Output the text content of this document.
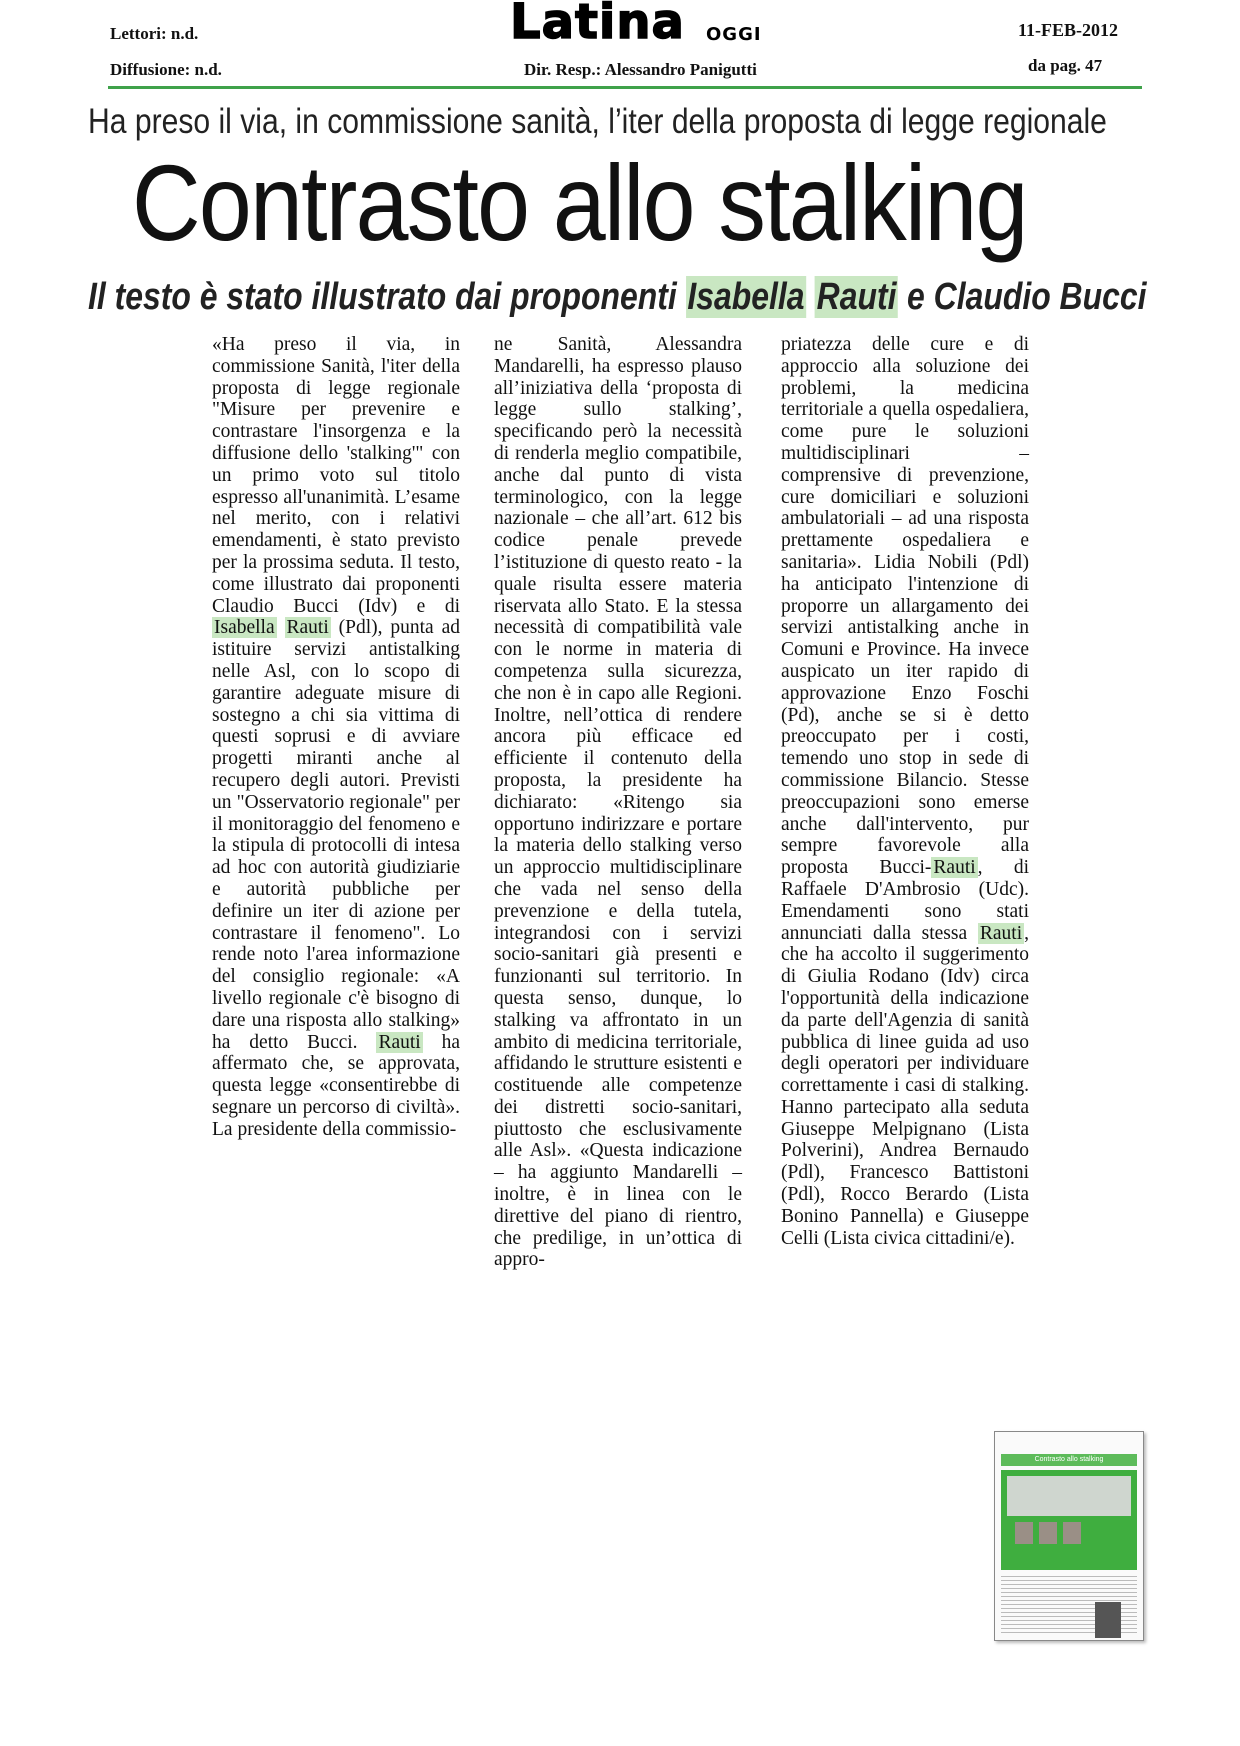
Lettori: n.d.
Diffusione: n.d.
Latina OGGI	11-FEB-2012
Dir. Resp.: Alessandro Panigutti	da pag. 47
Ha preso il via, in commissione sanità, l’iter della proposta di legge regionale
Contrasto allo stalking
Il testo è stato illustrato dai proponenti Isabella Rauti e Claudio Bucci
«Ha preso il via, in commissione Sanità, l'iter della proposta di legge regionale "Misure per prevenire e contrastare l'insorgenza e la diffusione dello 'stalking'" con un primo voto sul titolo espresso all'unanimità. L’esame nel merito, con i relativi emendamenti, è stato previsto per la prossima seduta. Il testo, come illustrato dai proponenti Claudio Bucci (Idv) e di Isabella Rauti (Pdl), punta ad istituire servizi antistalking nelle Asl, con lo scopo di garantire adeguate misure di sostegno a chi sia vittima di questi soprusi e di avviare progetti miranti anche al recupero degli autori. Previsti un "Osservatorio regionale" per il monitoraggio del fenomeno e la stipula di protocolli di intesa ad hoc con autorità giudiziarie e autorità pubbliche per definire un iter di azione per contrastare il fenomeno". Lo rende noto l'area informazione del consiglio regionale: «A livello regionale c'è bisogno di dare una risposta allo stalking» ha detto Bucci. Rauti ha affermato che, se approvata, questa legge «consentirebbe di segnare un percorso di civiltà». La presidente della commissio-
ne Sanità, Alessandra Mandarelli, ha espresso plauso all’iniziativa della ‘proposta di legge sullo stalking’, specificando però la necessità di renderla meglio compatibile, anche dal punto di vista terminologico, con la legge nazionale – che all’art. 612 bis codice penale prevede l’istituzione di questo reato - la quale risulta essere materia riservata allo Stato. E la stessa necessità di compatibilità vale con le norme in materia di competenza sulla sicurezza, che non è in capo alle Regioni. Inoltre, nell’ottica di rendere ancora più efficace ed efficiente il contenuto della proposta, la presidente ha dichiarato: «Ritengo sia opportuno indirizzare e portare la materia dello stalking verso un approccio multidisciplinare che vada nel senso della prevenzione e della tutela, integrandosi con i servizi socio-sanitari già presenti e funzionanti sul territorio. In questa senso, dunque, lo stalking va affrontato in un ambito di medicina territoriale, affidando le strutture esistenti e costituende alle competenze dei distretti socio-sanitari, piuttosto che esclusivamente alle Asl». «Questa indicazione – ha aggiunto Mandarelli – inoltre, è in linea con le direttive del piano di rientro, che predilige, in un’ottica di appro-
priatezza delle cure e di approccio alla soluzione dei problemi, la medicina territoriale a quella ospedaliera, come pure le soluzioni multidisciplinari – comprensive di prevenzione, cure domiciliari e soluzioni ambulatoriali – ad una risposta prettamente ospedaliera e sanitaria». Lidia Nobili (Pdl) ha anticipato l'intenzione di proporre un allargamento dei servizi antistalking anche in Comuni e Province. Ha invece auspicato un iter rapido di approvazione Enzo Foschi (Pd), anche se si è detto preoccupato per i costi, temendo uno stop in sede di commissione Bilancio. Stesse preoccupazioni sono emerse anche dall'intervento, pur sempre favorevole alla proposta Bucci- Rauti , di Raffaele D'Ambrosio (Udc). Emendamenti sono stati annunciati dalla stessa Rauti , che ha accolto il suggerimento di Giulia Rodano (Idv) circa l'opportunità della indicazione da parte dell'Agenzia di sanità pubblica di linee guida ad uso degli operatori per individuare correttamente i casi di stalking. Hanno partecipato alla seduta Giuseppe Melpignano (Lista Polverini), Andrea Bernaudo (Pdl), Francesco Battistoni (Pdl), Rocco Berardo (Lista Bonino Pannella) e Giuseppe Celli (Lista civica cittadini/e).
Contrasto allo stalking
